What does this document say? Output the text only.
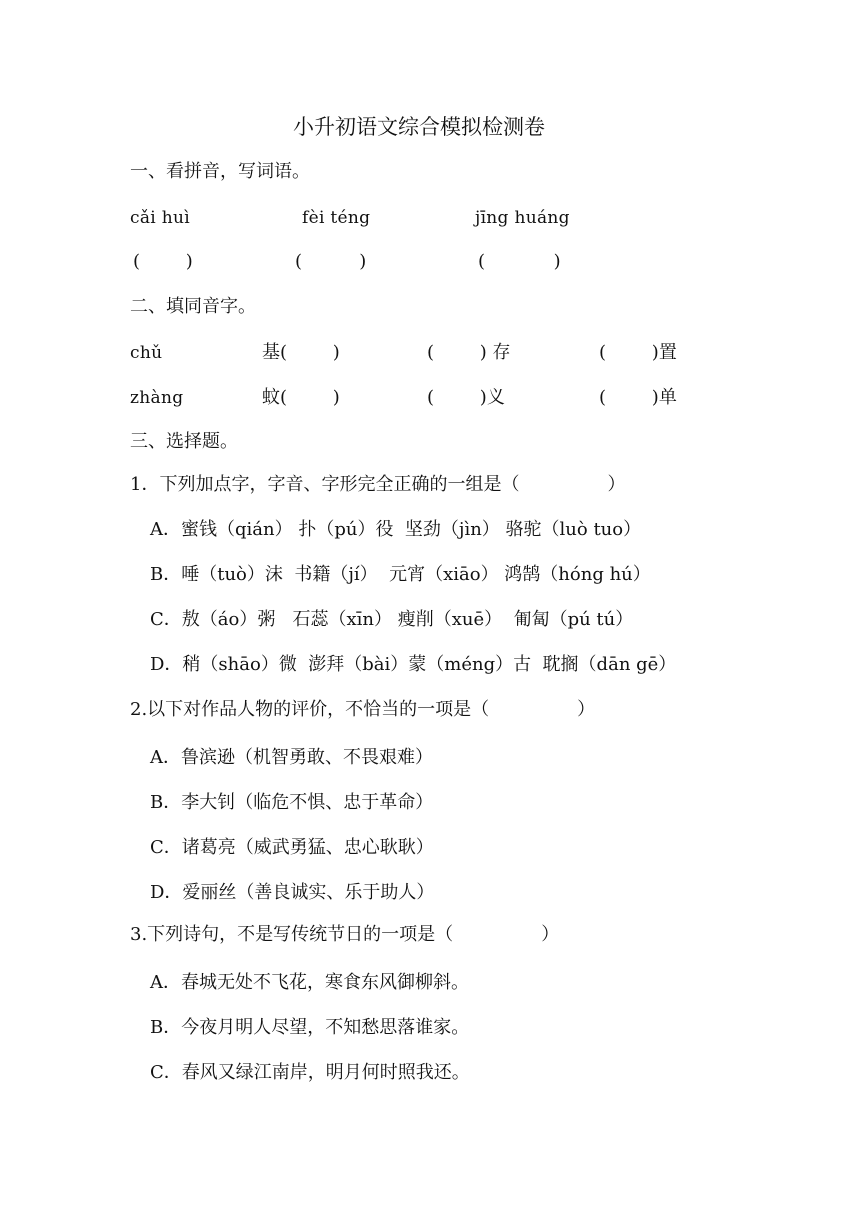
小升初语文综合模拟检测卷
一、看拼音，写词语。
cǎi huì	fèi téng	jīng huáng
(        )	(          )	(            )
二、填同音字。
chǔ	基(        )	(        ) 存	(        )置
zhàng	蚊(        )	(        )义	(        )单
三、选择题。
1．下列加点字，字音、字形完全正确的一组是（	）
A．蜜钱（qián） 扑（pú）役  坚劲（jìn） 骆驼（luò tuo）
B．唾（tuò）沫  书籍（jí）  元宵（xiāo） 鸿鹄（hóng hú）
C．敖（áo）粥   石蕊（xīn） 瘦削（xuē）  匍匐（pú tú）
D．稍（shāo）微  澎拜（bài）蒙（méng）古  耽搁（dān gē）
2.以下对作品人物的评价，不恰当的一项是（	）
A．鲁滨逊（机智勇敢、不畏艰难）
B．李大钊（临危不惧、忠于革命）
C．诸葛亮（威武勇猛、忠心耿耿）
D．爱丽丝（善良诚实、乐于助人）
3.下列诗句，不是写传统节日的一项是（	）
A．春城无处不飞花，寒食东风御柳斜。
B．今夜月明人尽望，不知愁思落谁家。
C．春风又绿江南岸，明月何时照我还。
